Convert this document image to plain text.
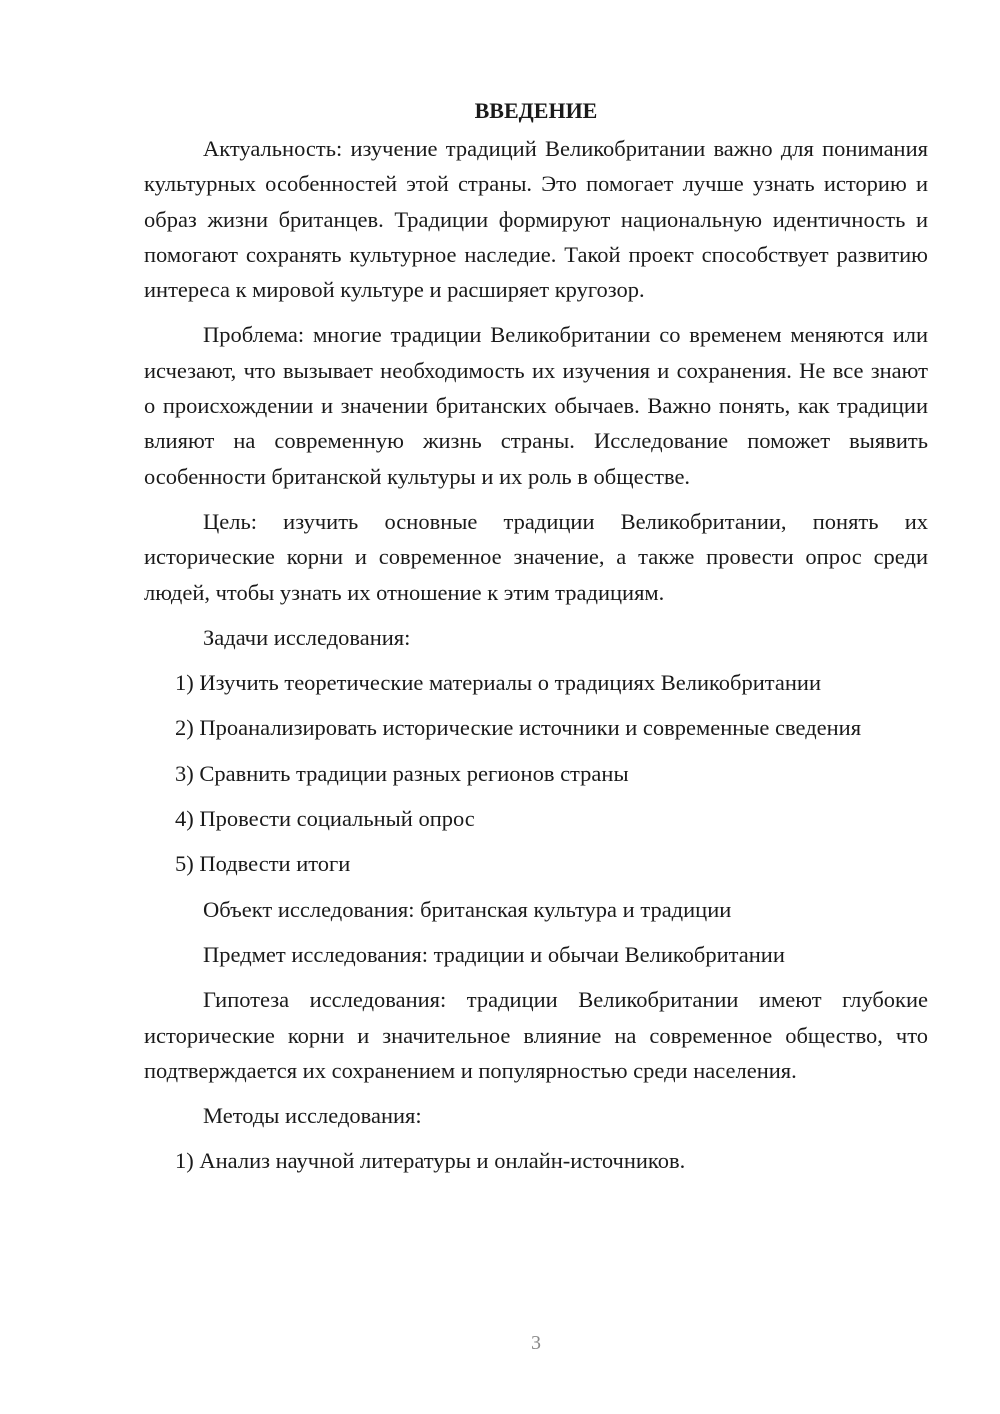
ВВЕДЕНИЕ

Актуальность: изучение традиций Великобритании важно для понимания культурных особенностей этой страны. Это помогает лучше узнать историю и образ жизни британцев. Традиции формируют национальную идентичность и помогают сохранять культурное наследие. Такой проект способствует развитию интереса к мировой культуре и расширяет кругозор.

Проблема: многие традиции Великобритании со временем меняются или исчезают, что вызывает необходимость их изучения и сохранения. Не все знают о происхождении и значении британских обычаев. Важно понять, как традиции влияют на современную жизнь страны. Исследование поможет выявить особенности британской культуры и их роль в обществе.

Цель: изучить основные традиции Великобритании, понять их исторические корни и современное значение, а также провести опрос среди людей, чтобы узнать их отношение к этим традициям.

Задачи исследования:

1) Изучить теоретические материалы о традициях Великобритании

2) Проанализировать исторические источники и современные сведения

3) Сравнить традиции разных регионов страны

4) Провести социальный опрос

5) Подвести итоги

Объект исследования: британская культура и традиции

Предмет исследования: традиции и обычаи Великобритании

Гипотеза исследования: традиции Великобритании имеют глубокие исторические корни и значительное влияние на современное общество, что подтверждается их сохранением и популярностью среди населения.

Методы исследования:

1) Анализ научной литературы и онлайн-источников.

3
